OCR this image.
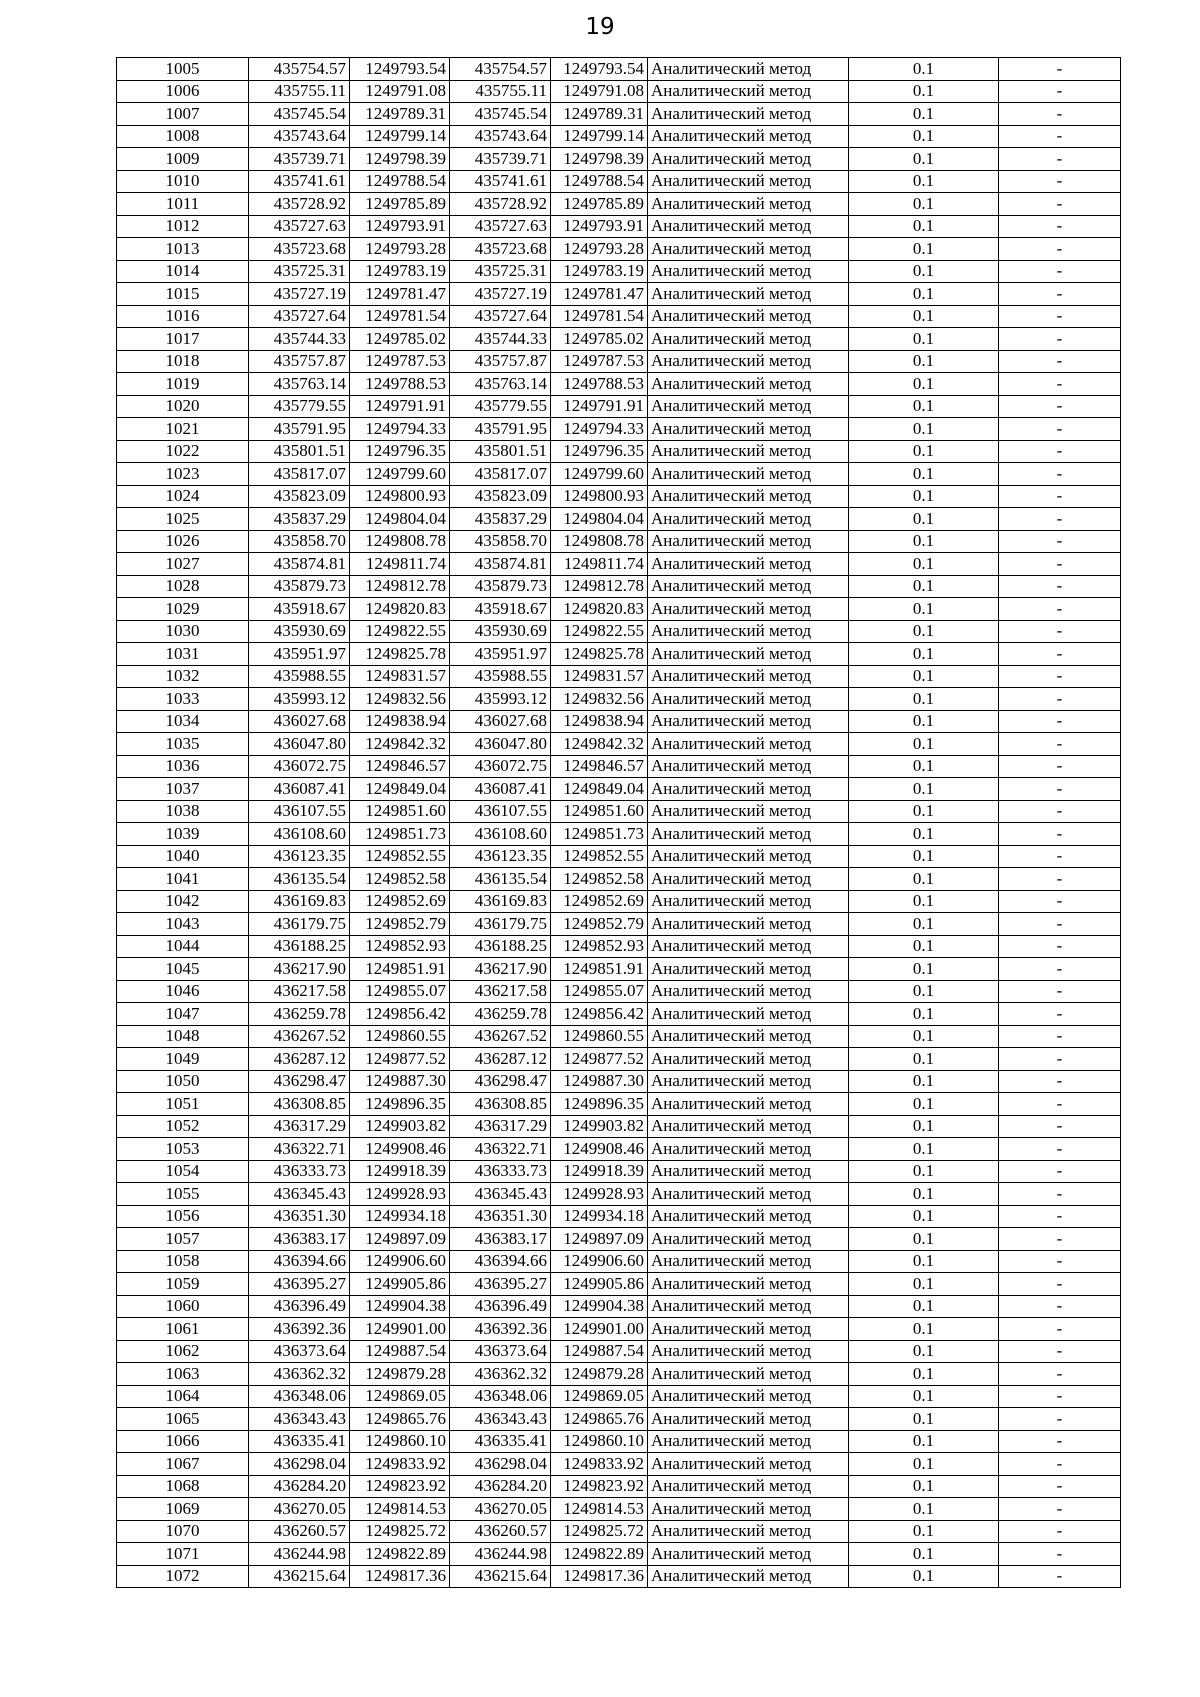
19
1005	435754.57	1249793.54	435754.57	1249793.54	Аналитический метод	0.1	-
1006	435755.11	1249791.08	435755.11	1249791.08	Аналитический метод	0.1	-
1007	435745.54	1249789.31	435745.54	1249789.31	Аналитический метод	0.1	-
1008	435743.64	1249799.14	435743.64	1249799.14	Аналитический метод	0.1	-
1009	435739.71	1249798.39	435739.71	1249798.39	Аналитический метод	0.1	-
1010	435741.61	1249788.54	435741.61	1249788.54	Аналитический метод	0.1	-
1011	435728.92	1249785.89	435728.92	1249785.89	Аналитический метод	0.1	-
1012	435727.63	1249793.91	435727.63	1249793.91	Аналитический метод	0.1	-
1013	435723.68	1249793.28	435723.68	1249793.28	Аналитический метод	0.1	-
1014	435725.31	1249783.19	435725.31	1249783.19	Аналитический метод	0.1	-
1015	435727.19	1249781.47	435727.19	1249781.47	Аналитический метод	0.1	-
1016	435727.64	1249781.54	435727.64	1249781.54	Аналитический метод	0.1	-
1017	435744.33	1249785.02	435744.33	1249785.02	Аналитический метод	0.1	-
1018	435757.87	1249787.53	435757.87	1249787.53	Аналитический метод	0.1	-
1019	435763.14	1249788.53	435763.14	1249788.53	Аналитический метод	0.1	-
1020	435779.55	1249791.91	435779.55	1249791.91	Аналитический метод	0.1	-
1021	435791.95	1249794.33	435791.95	1249794.33	Аналитический метод	0.1	-
1022	435801.51	1249796.35	435801.51	1249796.35	Аналитический метод	0.1	-
1023	435817.07	1249799.60	435817.07	1249799.60	Аналитический метод	0.1	-
1024	435823.09	1249800.93	435823.09	1249800.93	Аналитический метод	0.1	-
1025	435837.29	1249804.04	435837.29	1249804.04	Аналитический метод	0.1	-
1026	435858.70	1249808.78	435858.70	1249808.78	Аналитический метод	0.1	-
1027	435874.81	1249811.74	435874.81	1249811.74	Аналитический метод	0.1	-
1028	435879.73	1249812.78	435879.73	1249812.78	Аналитический метод	0.1	-
1029	435918.67	1249820.83	435918.67	1249820.83	Аналитический метод	0.1	-
1030	435930.69	1249822.55	435930.69	1249822.55	Аналитический метод	0.1	-
1031	435951.97	1249825.78	435951.97	1249825.78	Аналитический метод	0.1	-
1032	435988.55	1249831.57	435988.55	1249831.57	Аналитический метод	0.1	-
1033	435993.12	1249832.56	435993.12	1249832.56	Аналитический метод	0.1	-
1034	436027.68	1249838.94	436027.68	1249838.94	Аналитический метод	0.1	-
1035	436047.80	1249842.32	436047.80	1249842.32	Аналитический метод	0.1	-
1036	436072.75	1249846.57	436072.75	1249846.57	Аналитический метод	0.1	-
1037	436087.41	1249849.04	436087.41	1249849.04	Аналитический метод	0.1	-
1038	436107.55	1249851.60	436107.55	1249851.60	Аналитический метод	0.1	-
1039	436108.60	1249851.73	436108.60	1249851.73	Аналитический метод	0.1	-
1040	436123.35	1249852.55	436123.35	1249852.55	Аналитический метод	0.1	-
1041	436135.54	1249852.58	436135.54	1249852.58	Аналитический метод	0.1	-
1042	436169.83	1249852.69	436169.83	1249852.69	Аналитический метод	0.1	-
1043	436179.75	1249852.79	436179.75	1249852.79	Аналитический метод	0.1	-
1044	436188.25	1249852.93	436188.25	1249852.93	Аналитический метод	0.1	-
1045	436217.90	1249851.91	436217.90	1249851.91	Аналитический метод	0.1	-
1046	436217.58	1249855.07	436217.58	1249855.07	Аналитический метод	0.1	-
1047	436259.78	1249856.42	436259.78	1249856.42	Аналитический метод	0.1	-
1048	436267.52	1249860.55	436267.52	1249860.55	Аналитический метод	0.1	-
1049	436287.12	1249877.52	436287.12	1249877.52	Аналитический метод	0.1	-
1050	436298.47	1249887.30	436298.47	1249887.30	Аналитический метод	0.1	-
1051	436308.85	1249896.35	436308.85	1249896.35	Аналитический метод	0.1	-
1052	436317.29	1249903.82	436317.29	1249903.82	Аналитический метод	0.1	-
1053	436322.71	1249908.46	436322.71	1249908.46	Аналитический метод	0.1	-
1054	436333.73	1249918.39	436333.73	1249918.39	Аналитический метод	0.1	-
1055	436345.43	1249928.93	436345.43	1249928.93	Аналитический метод	0.1	-
1056	436351.30	1249934.18	436351.30	1249934.18	Аналитический метод	0.1	-
1057	436383.17	1249897.09	436383.17	1249897.09	Аналитический метод	0.1	-
1058	436394.66	1249906.60	436394.66	1249906.60	Аналитический метод	0.1	-
1059	436395.27	1249905.86	436395.27	1249905.86	Аналитический метод	0.1	-
1060	436396.49	1249904.38	436396.49	1249904.38	Аналитический метод	0.1	-
1061	436392.36	1249901.00	436392.36	1249901.00	Аналитический метод	0.1	-
1062	436373.64	1249887.54	436373.64	1249887.54	Аналитический метод	0.1	-
1063	436362.32	1249879.28	436362.32	1249879.28	Аналитический метод	0.1	-
1064	436348.06	1249869.05	436348.06	1249869.05	Аналитический метод	0.1	-
1065	436343.43	1249865.76	436343.43	1249865.76	Аналитический метод	0.1	-
1066	436335.41	1249860.10	436335.41	1249860.10	Аналитический метод	0.1	-
1067	436298.04	1249833.92	436298.04	1249833.92	Аналитический метод	0.1	-
1068	436284.20	1249823.92	436284.20	1249823.92	Аналитический метод	0.1	-
1069	436270.05	1249814.53	436270.05	1249814.53	Аналитический метод	0.1	-
1070	436260.57	1249825.72	436260.57	1249825.72	Аналитический метод	0.1	-
1071	436244.98	1249822.89	436244.98	1249822.89	Аналитический метод	0.1	-
1072	436215.64	1249817.36	436215.64	1249817.36	Аналитический метод	0.1	-
